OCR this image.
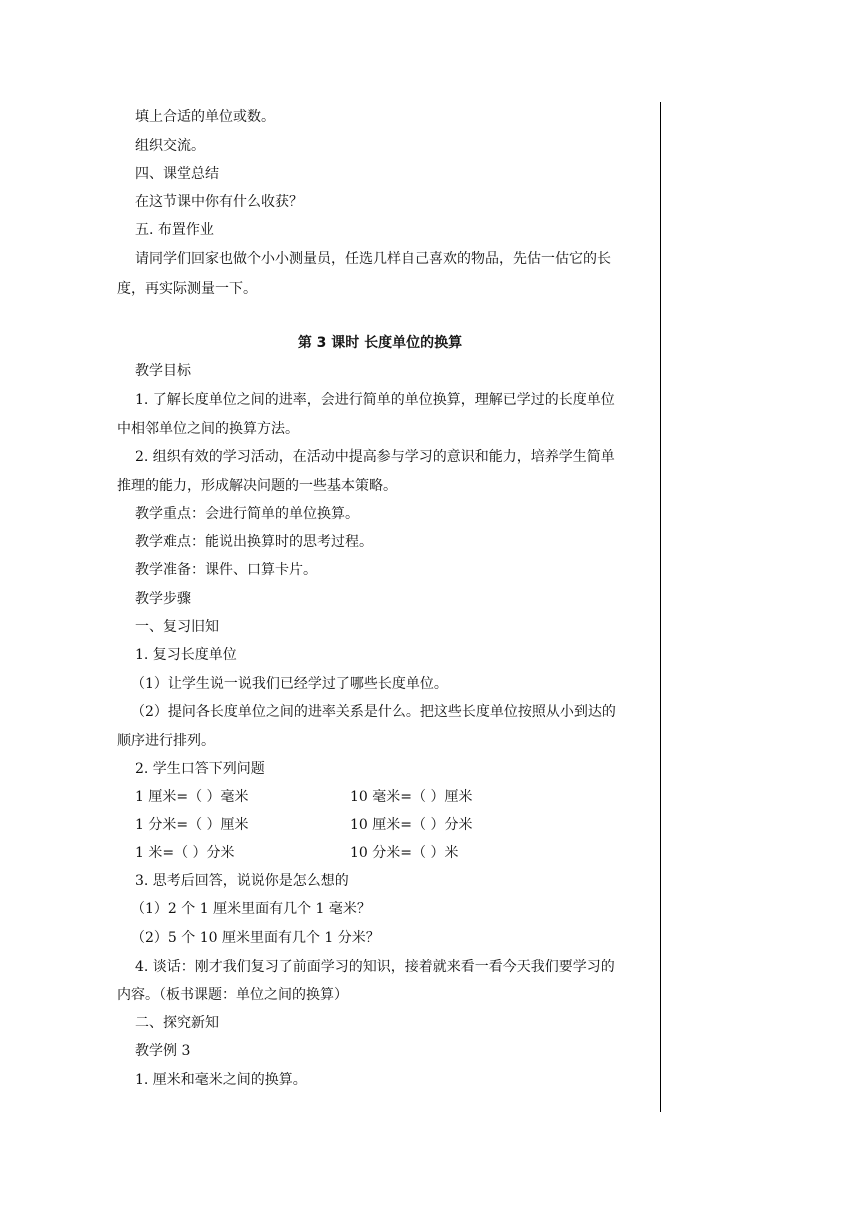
填上合适的单位或数。
组织交流。
四、课堂总结
在这节课中你有什么收获？
五. 布置作业
请同学们回家也做个小小测量员，任选几样自己喜欢的物品，先估一估它的长
度，再实际测量一下。
第 3 课时 长度单位的换算
教学目标
1. 了解长度单位之间的进率，会进行简单的单位换算，理解已学过的长度单位
中相邻单位之间的换算方法。
2. 组织有效的学习活动，在活动中提高参与学习的意识和能力，培养学生简单
推理的能力，形成解决问题的一些基本策略。
教学重点：会进行简单的单位换算。
教学难点：能说出换算时的思考过程。
教学准备：课件、口算卡片。
教学步骤
一、复习旧知
1. 复习长度单位
（1）让学生说一说我们已经学过了哪些长度单位。
（2）提问各长度单位之间的进率关系是什么。把这些长度单位按照从小到达的
顺序进行排列。
2. 学生口答下列问题
1 厘米=（ ）毫米	10 毫米=（ ）厘米
1 分米=（ ）厘米	10 厘米=（ ）分米
1 米=（ ）分米	10 分米=（ ）米
3. 思考后回答，说说你是怎么想的
（1）2 个 1 厘米里面有几个 1 毫米？
（2）5 个 10 厘米里面有几个 1 分米？
4. 谈话：刚才我们复习了前面学习的知识，接着就来看一看今天我们要学习的
内容。（板书课题：单位之间的换算）
二、探究新知
教学例 3
1. 厘米和毫米之间的换算。
